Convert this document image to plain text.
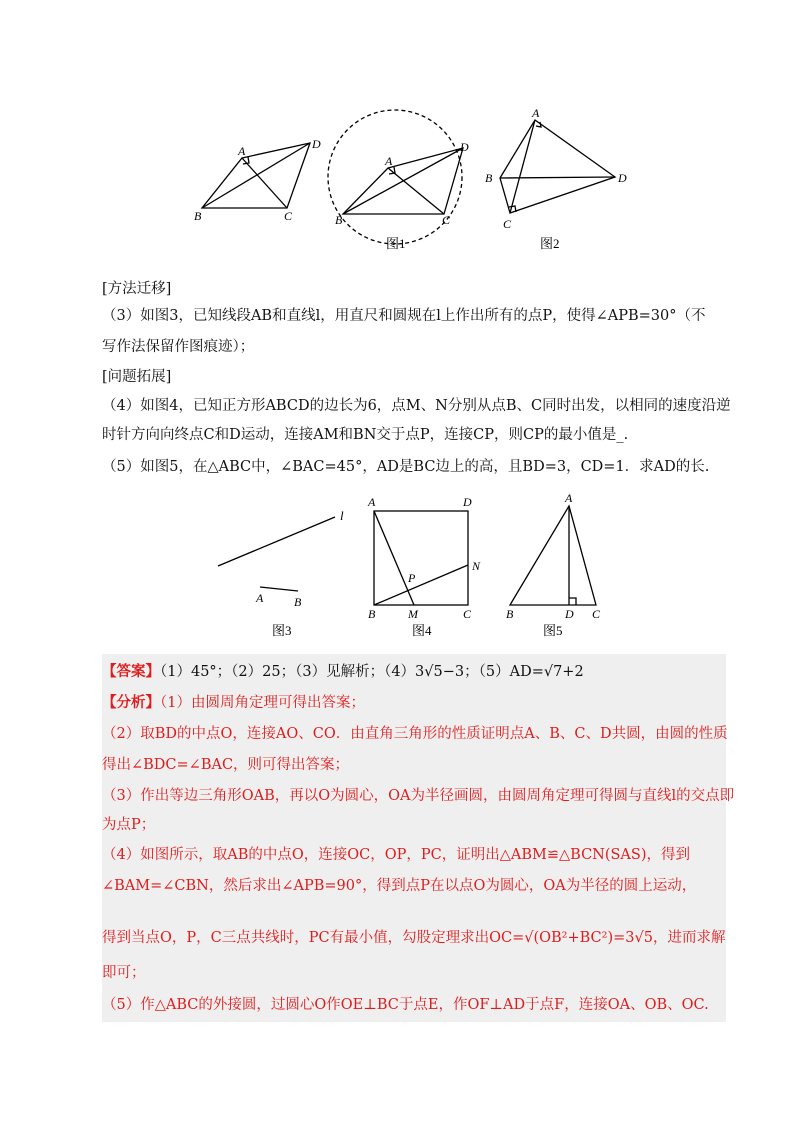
A	D
B	C
A
D
B	C
图1
A
B	D
C
图2
[方法迁移]
（3）如图3，已知线段AB和直线l，用直尺和圆规在l上作出所有的点P，使得∠APB=30°（不
写作法保留作图痕迹）；
[问题拓展]
（4）如图4，已知正方形ABCD的边长为6，点M、N分别从点B、C同时出发，以相同的速度沿逆
时针方向向终点C和D运动，连接AM和BN交于点P，连接CP，则CP的最小值是_.
（5）如图5，在△ABC中，∠BAC=45°，AD是BC边上的高，且BD=3，CD=1．求AD的长.
l
A	B
图3
A	D
N
P
B	M	C
图4
A
B	D C
图5
【答案】（1）45°；（2）25；（3）见解析；（4）3√5−3；（5）AD=√7+2
【分析】（1）由圆周角定理可得出答案；
（2）取BD的中点O，连接AO、CO．由直角三角形的性质证明点A、B、C、D共圆，由圆的性质
得出∠BDC=∠BAC，则可得出答案；
（3）作出等边三角形OAB，再以O为圆心，OA为半径画圆，由圆周角定理可得圆与直线l的交点即
为点P；
（4）如图所示，取AB的中点O，连接OC，OP，PC，证明出△ABM≌△BCN(SAS)，得到
∠BAM=∠CBN，然后求出∠APB=90°，得到点P在以点O为圆心，OA为半径的圆上运动，
得到当点O，P，C三点共线时，PC有最小值，勾股定理求出OC=√(OB²+BC²)=3√5，进而求解
即可；
（5）作△ABC的外接圆，过圆心O作OE⊥BC于点E，作OF⊥AD于点F，连接OA、OB、OC.
